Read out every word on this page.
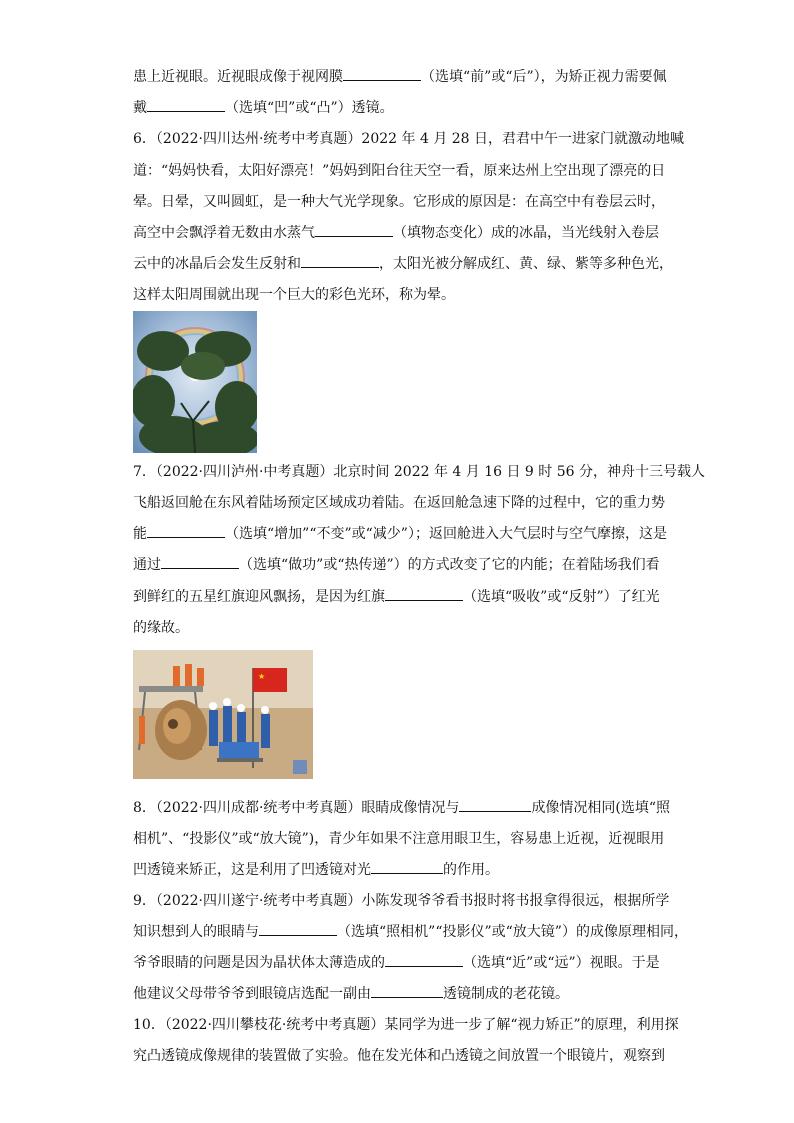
患上近视眼。近视眼成像于视网膜	（选填“前”或“后”），为矫正视力需要佩
戴	（选填“凹”或“凸”）透镜。
6．（2022·四川达州·统考中考真题）2022 年 4 月 28 日，君君中午一进家门就激动地喊
道：“妈妈快看，太阳好漂亮！”妈妈到阳台往天空一看，原来达州上空出现了漂亮的日
晕。日晕，又叫圆虹，是一种大气光学现象。它形成的原因是：在高空中有卷层云时，
高空中会飘浮着无数由水蒸气	（填物态变化）成的冰晶，当光线射入卷层
云中的冰晶后会发生反射和	，太阳光被分解成红、黄、绿、紫等多种色光，
这样太阳周围就出现一个巨大的彩色光环，称为晕。
7．（2022·四川泸州·中考真题）北京时间 2022 年 4 月 16 日 9 时 56 分，神舟十三号载人
飞船返回舱在东风着陆场预定区域成功着陆。在返回舱急速下降的过程中，它的重力势
能	（选填“增加”“不变”或“减少”）；返回舱进入大气层时与空气摩擦，这是
通过	（选填“做功”或“热传递”）的方式改变了它的内能；在着陆场我们看
到鲜红的五星红旗迎风飘扬，是因为红旗	（选填“吸收”或“反射”）了红光
的缘故。
★
8．（2022·四川成都·统考中考真题）眼睛成像情况与	成像情况相同(选填“照
相机”、“投影仪”或“放大镜”)，青少年如果不注意用眼卫生，容易患上近视，近视眼用
凹透镜来矫正，这是利用了凹透镜对光	的作用。
9．（2022·四川遂宁·统考中考真题）小陈发现爷爷看书报时将书报拿得很远，根据所学
知识想到人的眼睛与	（选填“照相机”“投影仪”或“放大镜”）的成像原理相同，
爷爷眼睛的问题是因为晶状体太薄造成的	（选填“近”或“远”）视眼。于是
他建议父母带爷爷到眼镜店选配一副由	透镜制成的老花镜。
10．（2022·四川攀枝花·统考中考真题）某同学为进一步了解“视力矫正”的原理，利用探
究凸透镜成像规律的装置做了实验。他在发光体和凸透镜之间放置一个眼镜片，观察到
